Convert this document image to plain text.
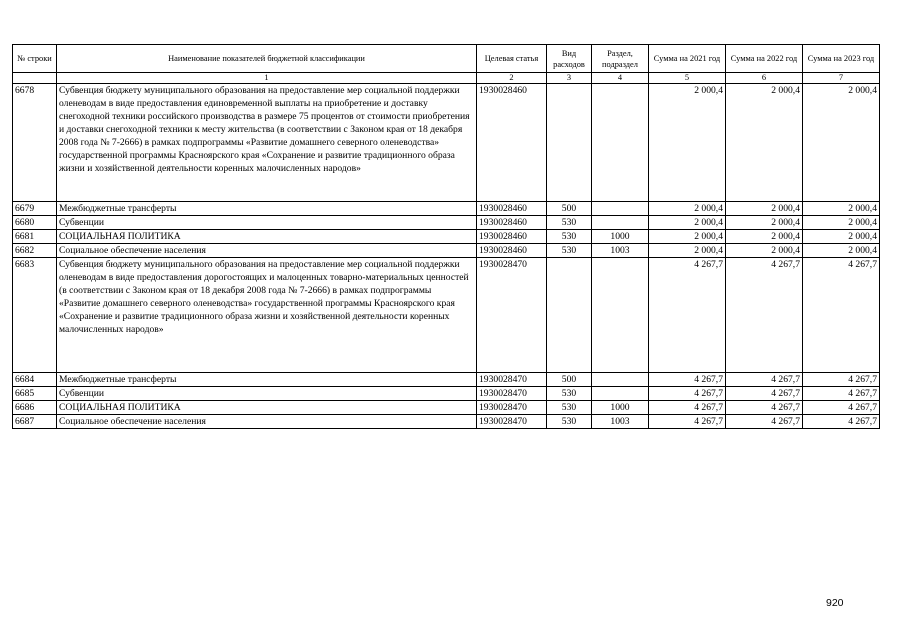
№ строки	Наименование показателей бюджетной классификации	Целевая статья	Вид расходов	Раздел, подраздел	Сумма на 2021 год	Сумма на 2022 год	Сумма на 2023 год
	1	2	3	4	5	6	7
6678	Субвенция бюджету муниципального образования на предоставление мер социальной поддержки оленеводам в виде предоставления единовременной выплаты на приобретение и доставку снегоходной техники российского производства в размере 75 процентов от стоимости приобретения и доставки снегоходной техники к месту жительства (в соответствии с Законом края от 18 декабря 2008 года № 7-2666) в рамках подпрограммы «Развитие домашнего северного оленеводства» государственной программы Красноярского края «Сохранение и развитие традиционного образа жизни и хозяйственной деятельности коренных малочисленных народов»	1930028460			2 000,4	2 000,4	2 000,4
6679	Межбюджетные трансферты	1930028460	500		2 000,4	2 000,4	2 000,4
6680	Субвенции	1930028460	530		2 000,4	2 000,4	2 000,4
6681	СОЦИАЛЬНАЯ ПОЛИТИКА	1930028460	530	1000	2 000,4	2 000,4	2 000,4
6682	Социальное обеспечение населения	1930028460	530	1003	2 000,4	2 000,4	2 000,4
6683	Субвенция бюджету муниципального образования на предоставление мер социальной поддержки оленеводам в виде предоставления дорогостоящих и малоценных товарно-материальных ценностей (в соответствии с Законом края от 18 декабря 2008 года № 7-2666) в рамках подпрограммы «Развитие домашнего северного оленеводства» государственной программы Красноярского края «Сохранение и развитие традиционного образа жизни и хозяйственной деятельности коренных малочисленных народов»	1930028470			4 267,7	4 267,7	4 267,7
6684	Межбюджетные трансферты	1930028470	500		4 267,7	4 267,7	4 267,7
6685	Субвенции	1930028470	530		4 267,7	4 267,7	4 267,7
6686	СОЦИАЛЬНАЯ ПОЛИТИКА	1930028470	530	1000	4 267,7	4 267,7	4 267,7
6687	Социальное обеспечение населения	1930028470	530	1003	4 267,7	4 267,7	4 267,7
920
